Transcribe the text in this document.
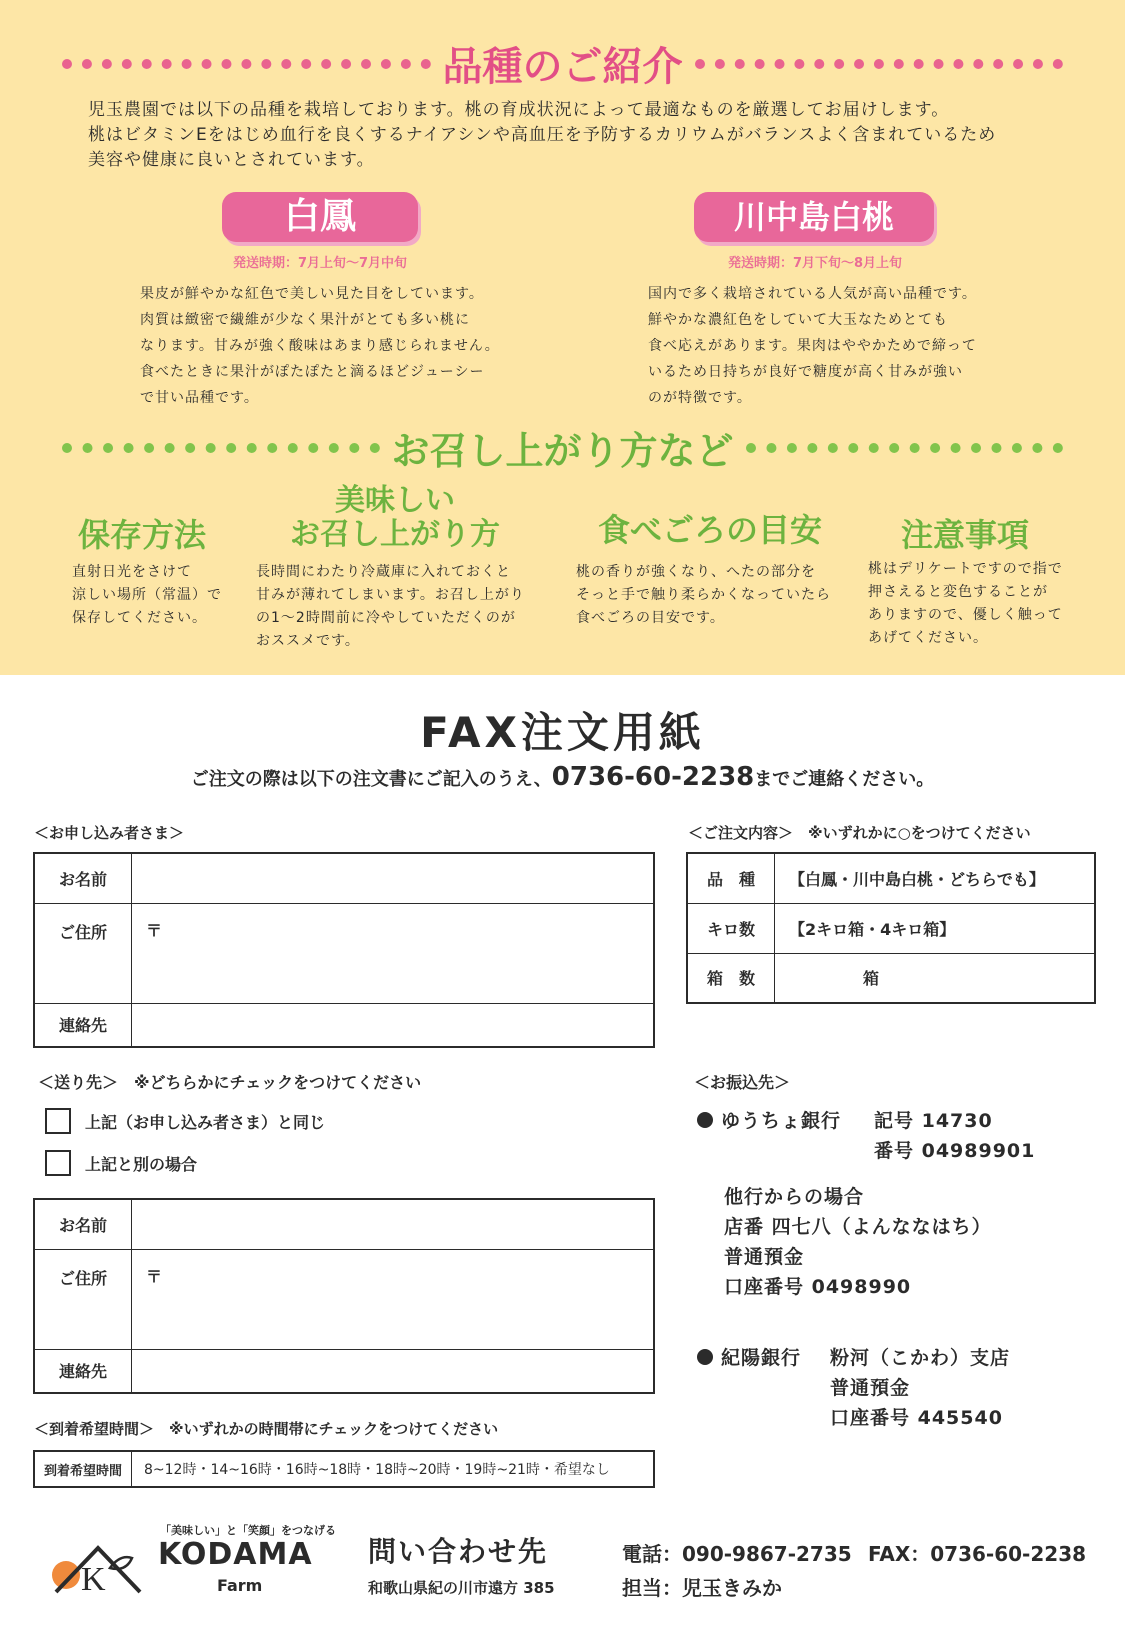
品種のご紹介

児玉農園では以下の品種を栽培しております。桃の育成状況によって最適なものを厳選してお届けします。

桃はビタミンEをはじめ血行を良くするナイアシンや高血圧を予防するカリウムがバランスよく含まれているため

美容や健康に良いとされています。

白鳳
発送時期：7月上旬～7月中旬
果皮が鮮やかな紅色で美しい見た目をしています。
肉質は緻密で繊維が少なく果汁がとても多い桃に
なります。甘みが強く酸味はあまり感じられません。
食べたときに果汁がぽたぽたと滴るほどジューシー
で甘い品種です。
川中島白桃
発送時期：7月下旬～8月上旬
国内で多く栽培されている人気が高い品種です。
鮮やかな濃紅色をしていて大玉なためとても
食べ応えがあります。果肉はややかためで締って
いるため日持ちが良好で糖度が高く甘みが強い
のが特徴です。
お召し上がり方など
保存方法
直射日光をさけて
涼しい場所（常温）で
保存してください。
美味しい
お召し上がり方
長時間にわたり冷蔵庫に入れておくと
甘みが薄れてしまいます。お召し上がり
の1～2時間前に冷やしていただくのが
おススメです。
食べごろの目安
桃の香りが強くなり、へたの部分を
そっと手で触り柔らかくなっていたら
食べごろの目安です。
注意事項
桃はデリケートですので指で
押さえると変色することが
ありますので、優しく触って
あげてください。
FAX注文用紙
ご注文の際は以下の注文書にご記入のうえ、0736-60-2238までご連絡ください。
＜お申し込み者さま＞
お名前	
ご住所	〒
連絡先	
＜ご注文内容＞　※いずれかに○をつけてください
品　種	【白鳳・川中島白桃・どちらでも】
キロ数	【2キロ箱・4キロ箱】
箱　数	箱
＜送り先＞　※どちらかにチェックをつけてください
上記（お申し込み者さま）と同じ
上記と別の場合
お名前	
ご住所	〒
連絡先	
＜到着希望時間＞　※いずれかの時間帯にチェックをつけてください
到着希望時間	8~12時・14~16時・16時~18時・18時~20時・19時~21時・希望なし
＜お振込先＞
ゆうちょ銀行 記号 14730
番号 04989901
他行からの場合
店番 四七八（よんななはち）
普通預金
口座番号 0498990
紀陽銀行 粉河（こかわ）支店
普通預金
口座番号 445540
K
「美味しい」と「笑顔」をつなげる
KODAMA
Farm
問い合わせ先
和歌山県紀の川市遠方 385
電話：090-9867-2735 FAX：0736-60-2238
担当：児玉きみか
